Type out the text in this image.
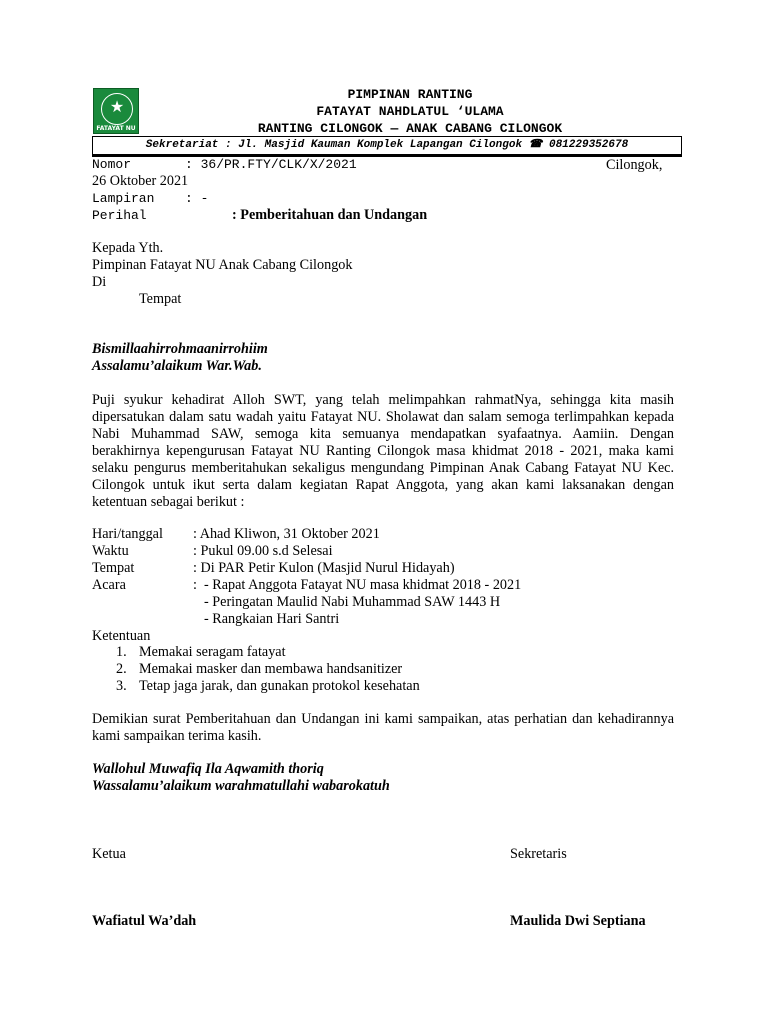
★
FATAYAT NU
PIMPINAN RANTING
FATAYAT NAHDLATUL ‘ULAMA
RANTING CILONGOK — ANAK CABANG CILONGOK
Sekretariat : Jl. Masjid Kauman Komplek Lapangan Cilongok ☎ 081229352678
Nomor	: 36/PR.FTY/CLK/X/2021	Cilongok,
26 Oktober 2021
Lampiran : -
Perihal	: Pemberitahuan dan Undangan
Kepada Yth.
Pimpinan Fatayat NU Anak Cabang Cilongok
Di
Tempat
Bismillaahirrohmaanirrohiim
Assalamu’alaikum War.Wab.
Puji syukur kehadirat Alloh SWT, yang telah melimpahkan rahmatNya, sehingga kita masih dipersatukan dalam satu wadah yaitu Fatayat NU. Sholawat dan salam semoga terlimpahkan kepada Nabi Muhammad SAW, semoga kita semuanya mendapatkan syafaatnya. Aamiin. Dengan berakhirnya kepengurusan Fatayat NU Ranting Cilongok masa khidmat 2018 - 2021, maka kami selaku pengurus memberitahukan sekaligus mengundang Pimpinan Anak Cabang Fatayat NU Kec. Cilongok untuk ikut serta dalam kegiatan Rapat Anggota, yang akan kami laksanakan dengan ketentuan sebagai berikut :
Hari/tanggal : Ahad Kliwon, 31 Oktober 2021
Waktu	: Pukul 09.00 s.d Selesai
Tempat	: Di PAR Petir Kulon (Masjid Nurul Hidayah)
Acara	: - Rapat Anggota Fatayat NU masa khidmat 2018 - 2021
- Peringatan Maulid Nabi Muhammad SAW 1443 H
- Rangkaian Hari Santri
Ketentuan
1. Memakai seragam fatayat
2. Memakai masker dan membawa handsanitizer
3. Tetap jaga jarak, dan gunakan protokol kesehatan
Demikian surat Pemberitahuan dan Undangan ini kami sampaikan, atas perhatian dan kehadirannya kami sampaikan terima kasih.
Wallohul Muwafiq Ila Aqwamith thoriq
Wassalamu’alaikum warahmatullahi wabarokatuh
Ketua	Sekretaris
Wafiatul Wa’dah	Maulida Dwi Septiana
